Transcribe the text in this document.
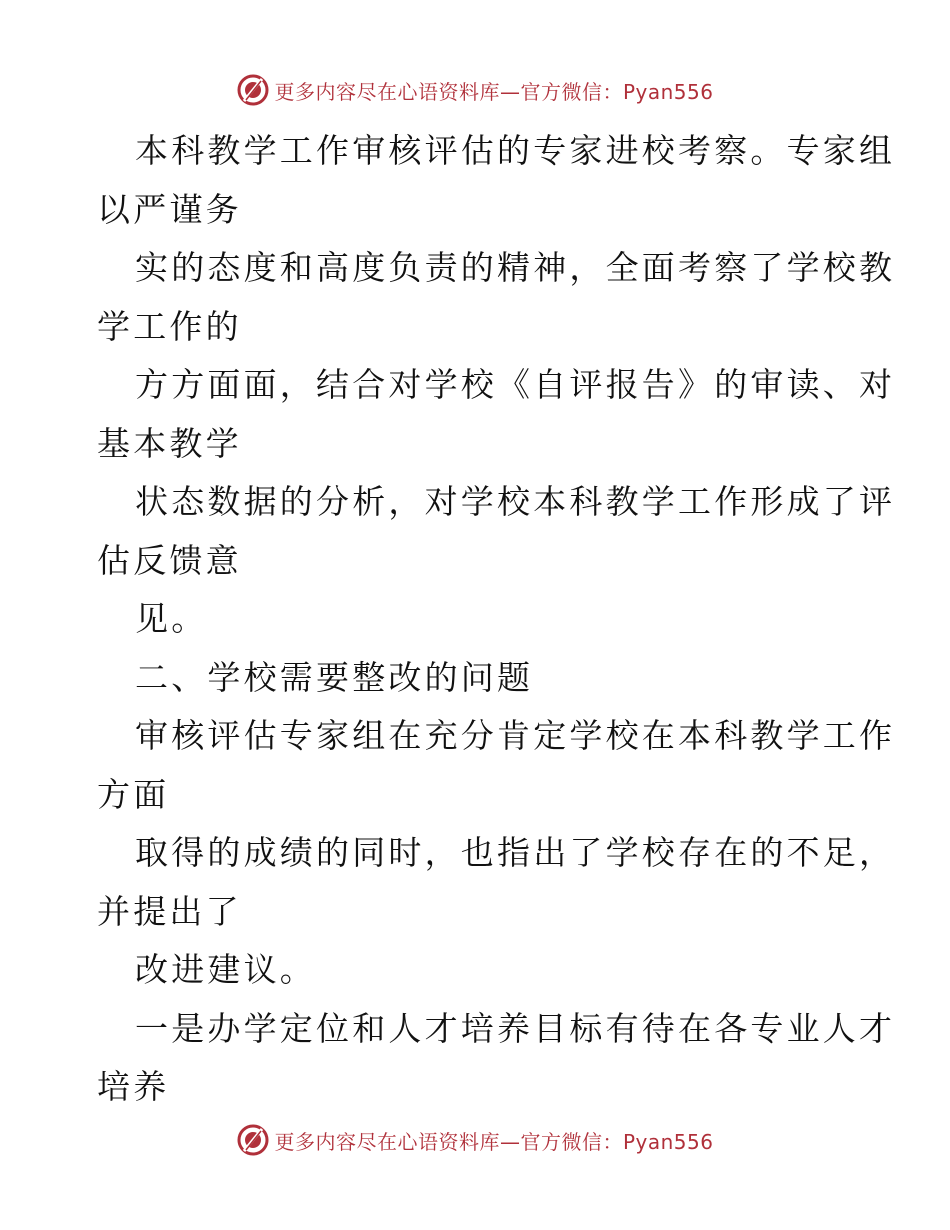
更多内容尽在心语资料库—官方微信：Pyan556
本科教学工作审核评估的专家进校考察。专家组
以严谨务
实的态度和高度负责的精神，全面考察了学校教
学工作的
方方面面，结合对学校《自评报告》的审读、对
基本教学
状态数据的分析，对学校本科教学工作形成了评
估反馈意
见。
二、学校需要整改的问题
审核评估专家组在充分肯定学校在本科教学工作
方面
取得的成绩的同时，也指出了学校存在的不足，
并提出了
改进建议。
一是办学定位和人才培养目标有待在各专业人才
培养
更多内容尽在心语资料库—官方微信：Pyan556
